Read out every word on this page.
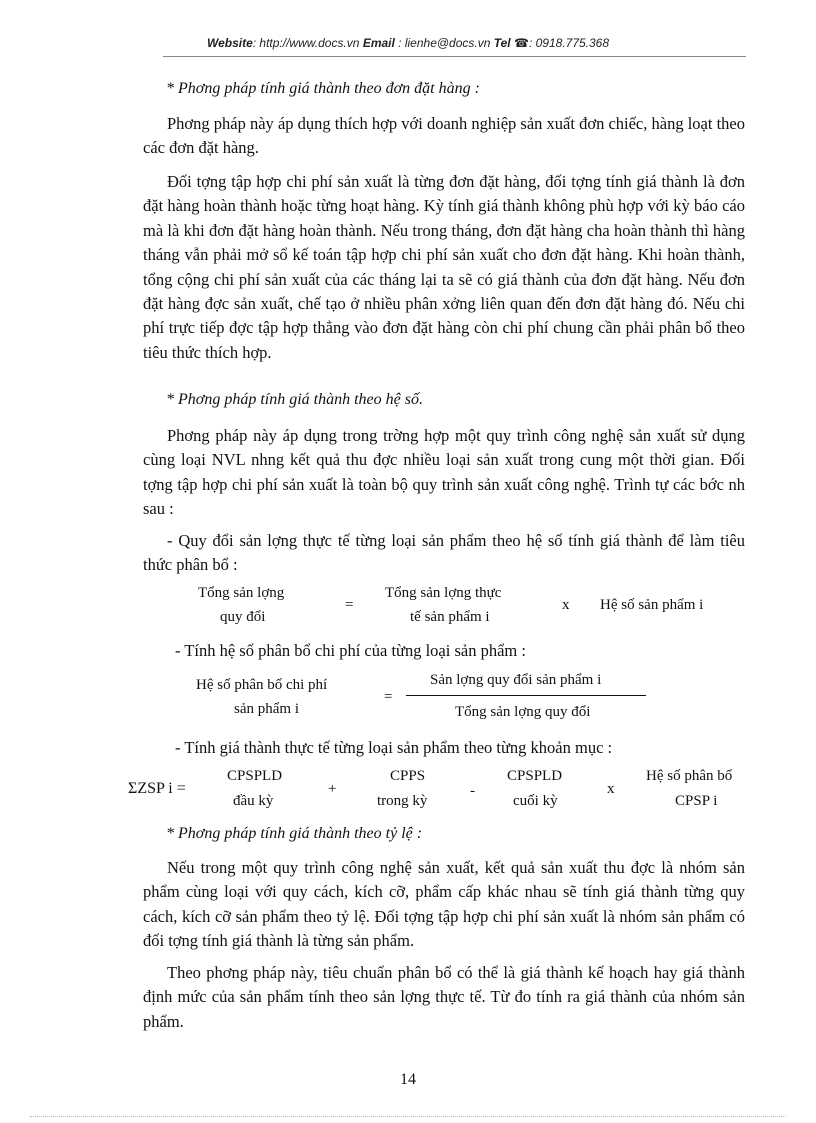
Website: http://www.docs.vn Email : lienhe@docs.vn Tel ☎: 0918.775.368
* Phơng pháp tính giá thành theo đơn đặt hàng :
Phơng pháp này áp dụng thích hợp với doanh nghiệp sản xuất đơn chiếc, hàng loạt theo các đơn đặt hàng.
Đối tợng tập hợp chi phí sản xuất là từng đơn đặt hàng, đối tợng tính giá thành là đơn đặt hàng hoàn thành hoặc từng hoạt hàng. Kỳ tính giá thành không phù hợp với kỳ báo cáo mà là khi đơn đặt hàng hoàn thành. Nếu trong tháng, đơn đặt hàng cha hoàn thành thì hàng tháng vẫn phải mở sổ kế toán tập hợp chi phí sản xuất cho đơn đặt hàng. Khi hoàn thành, tổng cộng chi phí sản xuất của các tháng lại ta sẽ có giá thành của đơn đặt hàng. Nếu đơn đặt hàng đợc sản xuất, chế tạo ở nhiều phân xởng liên quan đến đơn đặt hàng đó. Nếu chi phí trực tiếp đợc tập hợp thẳng vào đơn đặt hàng còn chi phí chung cần phải phân bổ theo tiêu thức thích hợp.
* Phơng pháp tính giá thành theo hệ số.
Phơng pháp này áp dụng trong trờng hợp một quy trình công nghệ sản xuất sử dụng cùng loại NVL nhng kết quả thu đợc nhiều loại sản xuất trong cung một thời gian. Đối tợng tập hợp chi phí sản xuất là toàn bộ quy trình sản xuất công nghệ. Trình tự các bớc nh sau :
- Quy đổi sản lợng thực tế từng loại sản phẩm theo hệ số tính giá thành để làm tiêu thức phân bổ :
Tổng sản lợng
quy đổi
=
Tổng sản lợng thực
tế sản phẩm i
x Hệ số sản phẩm i
- Tính hệ số phân bổ chi phí của từng loại sản phẩm :
Hệ số phân bổ chi phí
sản phẩm i
=
Sản lợng quy đổi sản phẩm i
Tổng sản lợng quy đổi
- Tính giá thành thực tế từng loại sản phẩm theo từng khoản mục :
ΣZSP i =
CPSPLD
đầu kỳ
+
CPPS
trong kỳ
-
CPSPLD
cuối kỳ
x
Hệ số phân bổ
CPSP i
* Phơng pháp tính giá thành theo tỷ lệ :
Nếu trong một quy trình công nghệ sản xuất, kết quả sản xuất thu đợc là nhóm sản phẩm cùng loại với quy cách, kích cỡ, phẩm cấp khác nhau sẽ tính giá thành từng quy cách, kích cỡ sản phẩm theo tỷ lệ. Đối tợng tập hợp chi phí sản xuất là nhóm sản phẩm có đối tợng tính giá thành là từng sản phẩm.
Theo phơng pháp này, tiêu chuẩn phân bổ có thể là giá thành kế hoạch hay giá thành định mức của sản phẩm tính theo sản lợng thực tế. Từ đo tính ra giá thành của nhóm sản phẩm.
14
